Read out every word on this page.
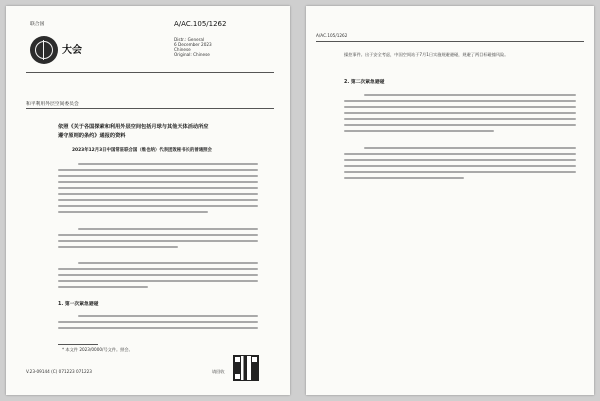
联合国
大会
A/AC.105/1262
Distr.: General
6 December 2023
Chinese
Original: Chinese
和平利用外层空间委员会
依照《关于各国探索和利用外层空间包括月球与其他天体活动所应
遵守原则的条约》通报的资料
2023年12月3日中国常驻联合国（维也纳）代表团致秘书长的普通照会
1. 第一次紧急避碰
* 本文件 2023/0000/号文件。照会。
V.23-09144 (C) 071223 071223	请回收
A/AC.105/1262
操控事件。出于安全考虑，中国空间站于7月1日实施规避避碰，规避了两目标碰撞风险。
2. 第二次紧急避碰
